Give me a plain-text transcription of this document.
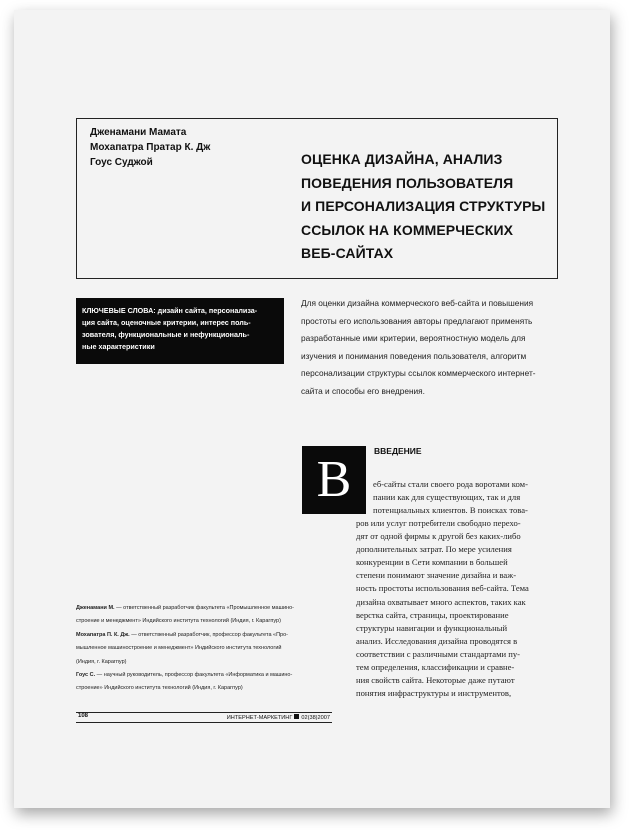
Дженамани Мамата
Мохапатра Пратар К. Дж
Гоус Суджой	ОЦЕНКА ДИЗАЙНА, АНАЛИЗ
ПОВЕДЕНИЯ ПОЛЬЗОВАТЕЛЯ
И ПЕРСОНАЛИЗАЦИЯ СТРУКТУРЫ
ССЫЛОК НА КОММЕРЧЕСКИХ
ВЕБ-САЙТАХ
КЛЮЧЕВЫЕ СЛОВА: дизайн сайта, персонализа-
ция сайта, оценочные критерии, интерес поль-
зователя, функциональные и нефункциональ-
ные характеристики
Для оценки дизайна коммерческого веб-сайта и повышения
простоты его использования авторы предлагают применять
разработанные ими критерии, вероятностную модель для
изучения и понимания поведения пользователя, алгоритм
персонализации структуры ссылок коммерческого интернет-
сайта и способы его внедрения.
В	ВВЕДЕНИЕ
еб-сайты стали своего рода воротами ком-
пании как для существующих, так и для
потенциальных клиентов. В поисках това-
ров или услуг потребители свободно перехо-
дят от одной фирмы к другой без каких-либо
дополнительных затрат. По мере усиления
конкуренции в Сети компании в большей
степени понимают значение дизайна и важ-
ность простоты использования веб-сайта. Тема
дизайна охватывает много аспектов, таких как
верстка сайта, страницы, проектирование
структуры навигации и функциональный
анализ. Исследования дизайна проводятся в
соответствии с различными стандартами пу-
тем определения, классификации и сравне-
ния свойств сайта. Некоторые даже путают
понятия инфраструктуры и инструментов,
Дженамани М. — ответственный разработчик факультета «Промышленное машино-
строение и менеджмент» Индийского института технологий (Индия, г. Карагпур)
Мохапатра П. К. Дж. — ответственный разработчик, профессор факультета «Про-
мышленное машиностроение и менеджмент» Индийского института технологий
(Индия, г. Карагпур)
Гоус С. — научный руководитель, профессор факультета «Информатика и машино-
строение» Индийского института технологий (Индия, г. Карагпур)
108	ИНТЕРНЕТ-МАРКЕТИНГ 02(38)2007
